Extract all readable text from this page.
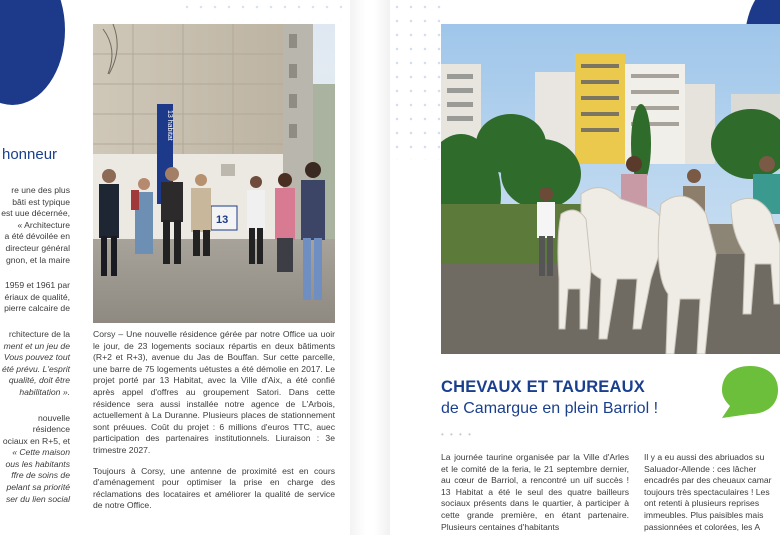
honneur
re une des plus
bâti est typique
est uue décernée,
« Architecture
a été dévoilée en
directeur général
gnon, et la maire
1959 et 1961 par
ériaux de qualité,
pierre calcaire de
rchitecture de la
ment et un jeu de
Vous pouvez tout
été prévu. L'esprit
qualité, doit être
habilitation ».
nouvelle résidence
ociaux en R+5, et
« Cette maison
ous les habitants
ffre de soins de
pelant sa priorité
ser du lien social
13 habitat
13

Corsy – Une nouvelle résidence gérée par notre Office ua uoir le jour, de 23 logements sociaux répartis en deux bâtiments (R+2 et R+3), avenue du Jas de Bouffan. Sur cette parcelle, une barre de 75 logements uétustes a été démolie en 2017. Le projet porté par 13 Habitat, avec la Ville d'Aix, a été confié après appel d'offres au groupement Satori. Dans cette résidence sera aussi installée notre agence de L'Arbois, actuellement à La Duranne. Plusieurs places de stationnement sont préuues. Coût du projet : 6 millions d'euros TTC, auec participation des partenaires institutionnels. Liuraison : 3e trimestre 2027.

Toujours à Corsy, une antenne de proximité est en cours d'aménagement pour optimiser la prise en charge des réclamations des locataires et améliorer la qualité de service de notre Office.

CHEVAUX ET TAUREAUX
de Camargue en plein Barriol !
• • • •
La journée taurine organisée par la Ville d'Arles et le comité de la feria, le 21 septembre dernier, au cœur de Barriol, a rencontré un uif succès ! 13 Habitat a été le seul des quatre bailleurs sociaux présents dans le quartier, à participer à cette grande première, en étant partenaire. Plusieurs centaines d'habitants
Il y a eu aussi des abriuados su
Saluador-Allende : ces lâcher
encadrés par des cheuaux camar
toujours très spectaculaires ! Les
ont retenti à plusieurs reprises
immeubles. Plus paisibles mais
passionnées et colorées, les A
